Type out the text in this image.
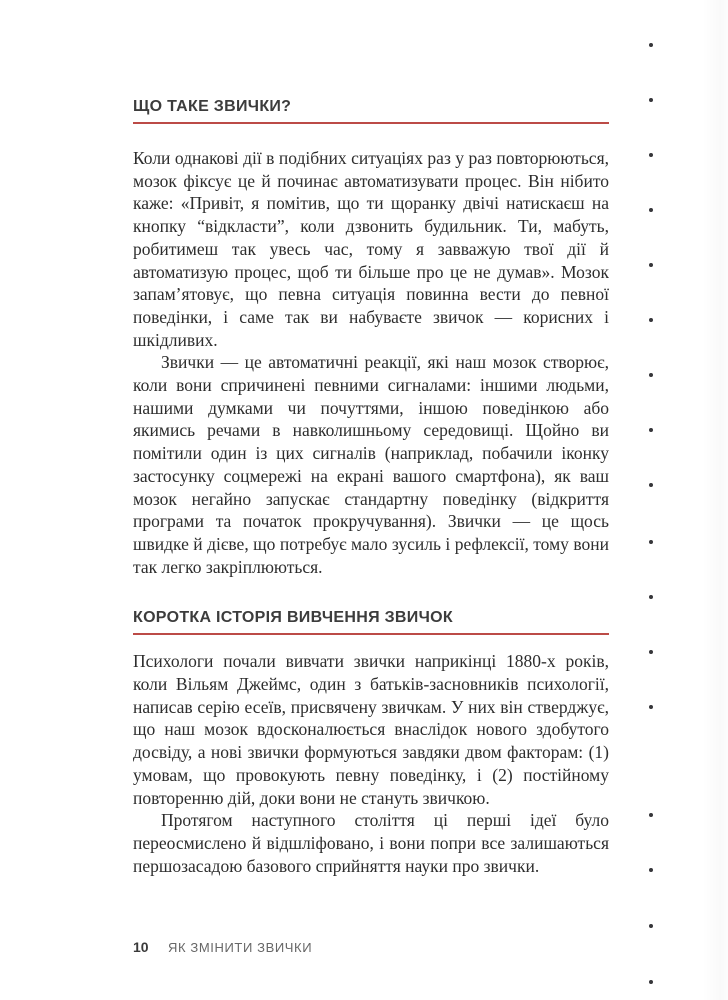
ЩО ТАКЕ ЗВИЧКИ?

Коли однакові дії в подібних ситуаціях раз у раз повторюються, мозок фіксує це й починає автоматизувати процес. Він нібито каже: «Привіт, я помітив, що ти щоранку двічі натискаєш на кнопку “відкласти”, коли дзвонить будильник. Ти, мабуть, робитимеш так увесь час, тому я завважую твої дії й автоматизую процес, щоб ти більше про це не думав». Мозок запам’ятовує, що певна ситуація повинна вести до певної поведінки, і саме так ви набуваєте звичок — корисних і шкідливих.

Звички — це автоматичні реакції, які наш мозок створює, коли вони спричинені певними сигналами: іншими людьми, нашими думками чи почуттями, іншою поведінкою або якимись речами в навколишньому середовищі. Щойно ви помітили один із цих сигналів (наприклад, побачили іконку застосунку соцмережі на екрані вашого смартфона), як ваш мозок негайно запускає стандартну поведінку (відкриття програми та початок прокручування). Звички — це щось швидке й дієве, що потребує мало зусиль і рефлексії, тому вони так легко закріплюються.

КОРОТКА ІСТОРІЯ ВИВЧЕННЯ ЗВИЧОК

Психологи почали вивчати звички наприкінці 1880-х років, коли Вільям Джеймс, один з батьків-засновників психології, написав серію есеїв, присвячену звичкам. У них він стверджує, що наш мозок вдосконалюється внаслідок нового здобутого досвіду, а нові звички формуються завдяки двом факторам: (1) умовам, що провокують певну поведінку, і (2) постійному повторенню дій, доки вони не стануть звичкою.

Протягом наступного століття ці перші ідеї було переосмислено й відшліфовано, і вони попри все залишаються першозасадою базового сприйняття науки про звички.

10 ЯК ЗМІНИТИ ЗВИЧКИ
